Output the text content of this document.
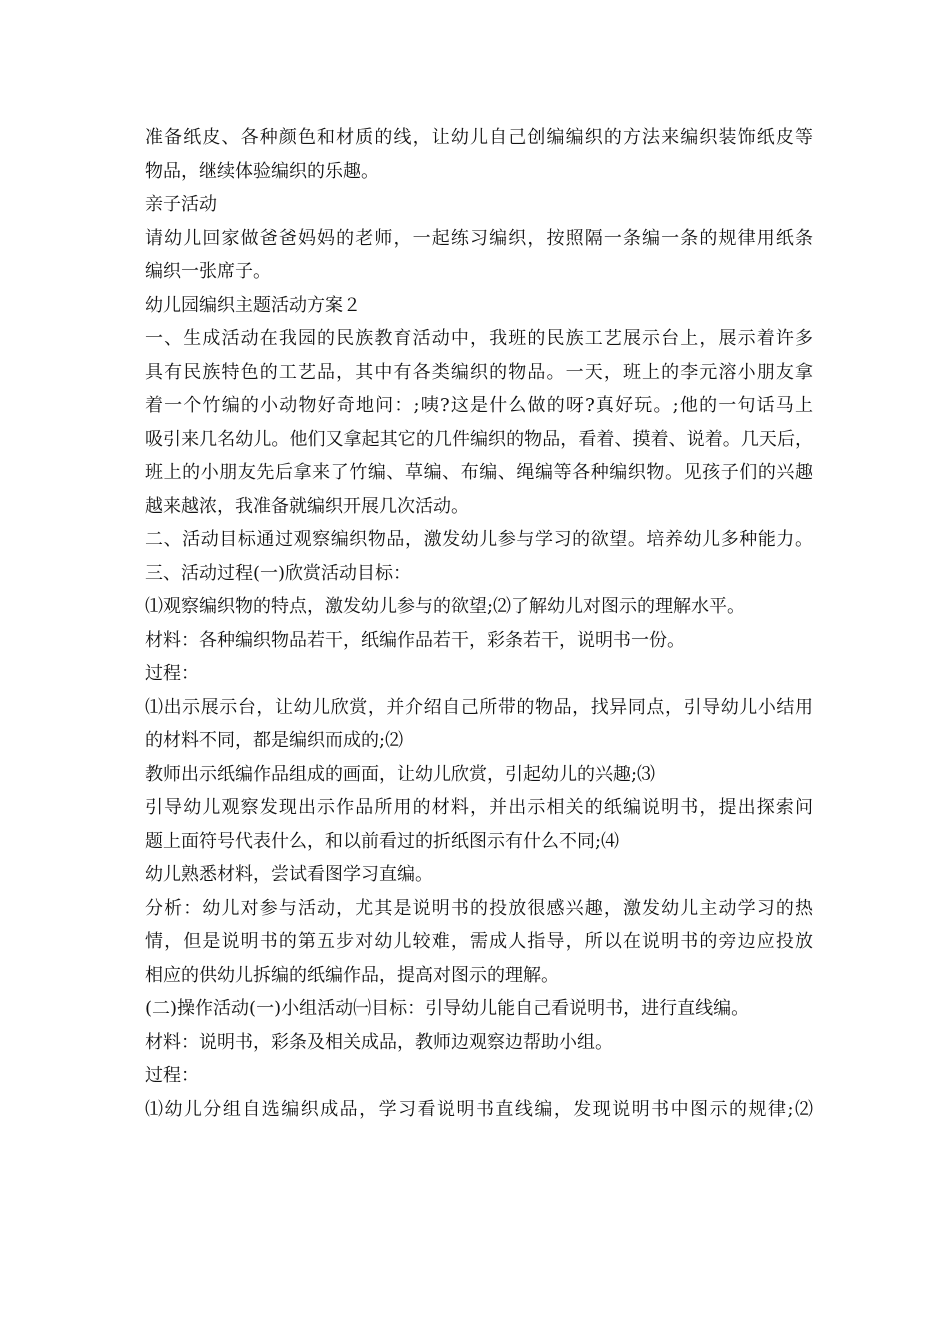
准备纸皮、各种颜色和材质的线，让幼儿自己创编编织的方法来编织装饰纸皮等
物品，继续体验编织的乐趣。
亲子活动
请幼儿回家做爸爸妈妈的老师，一起练习编织，按照隔一条编一条的规律用纸条
编织一张席子。
幼儿园编织主题活动方案２
一、生成活动在我园的民族教育活动中，我班的民族工艺展示台上，展示着许多
具有民族特色的工艺品，其中有各类编织的物品。一天，班上的李元溶小朋友拿
着一个竹编的小动物好奇地问：;咦?这是什么做的呀?真好玩。;他的一句话马上
吸引来几名幼儿。他们又拿起其它的几件编织的物品，看着、摸着、说着。几天后，
班上的小朋友先后拿来了竹编、草编、布编、绳编等各种编织物。见孩子们的兴趣
越来越浓，我准备就编织开展几次活动。
二、活动目标通过观察编织物品，激发幼儿参与学习的欲望。培养幼儿多种能力。
三、活动过程(一)欣赏活动目标：
⑴观察编织物的特点，激发幼儿参与的欲望;⑵了解幼儿对图示的理解水平。
材料：各种编织物品若干，纸编作品若干，彩条若干，说明书一份。
过程：
⑴出示展示台，让幼儿欣赏，并介绍自己所带的物品，找异同点，引导幼儿小结用
的材料不同，都是编织而成的;⑵
教师出示纸编作品组成的画面，让幼儿欣赏，引起幼儿的兴趣;⑶
引导幼儿观察发现出示作品所用的材料，并出示相关的纸编说明书，提出探索问
题上面符号代表什么，和以前看过的折纸图示有什么不同;⑷
幼儿熟悉材料，尝试看图学习直编。
分析：幼儿对参与活动，尤其是说明书的投放很感兴趣，激发幼儿主动学习的热
情，但是说明书的第五步对幼儿较难，需成人指导，所以在说明书的旁边应投放
相应的供幼儿拆编的纸编作品，提高对图示的理解。
(二)操作活动(一)小组活动㈠目标：引导幼儿能自己看说明书，进行直线编。
材料：说明书，彩条及相关成品，教师边观察边帮助小组。
过程：
⑴幼儿分组自选编织成品，学习看说明书直线编，发现说明书中图示的规律;⑵
